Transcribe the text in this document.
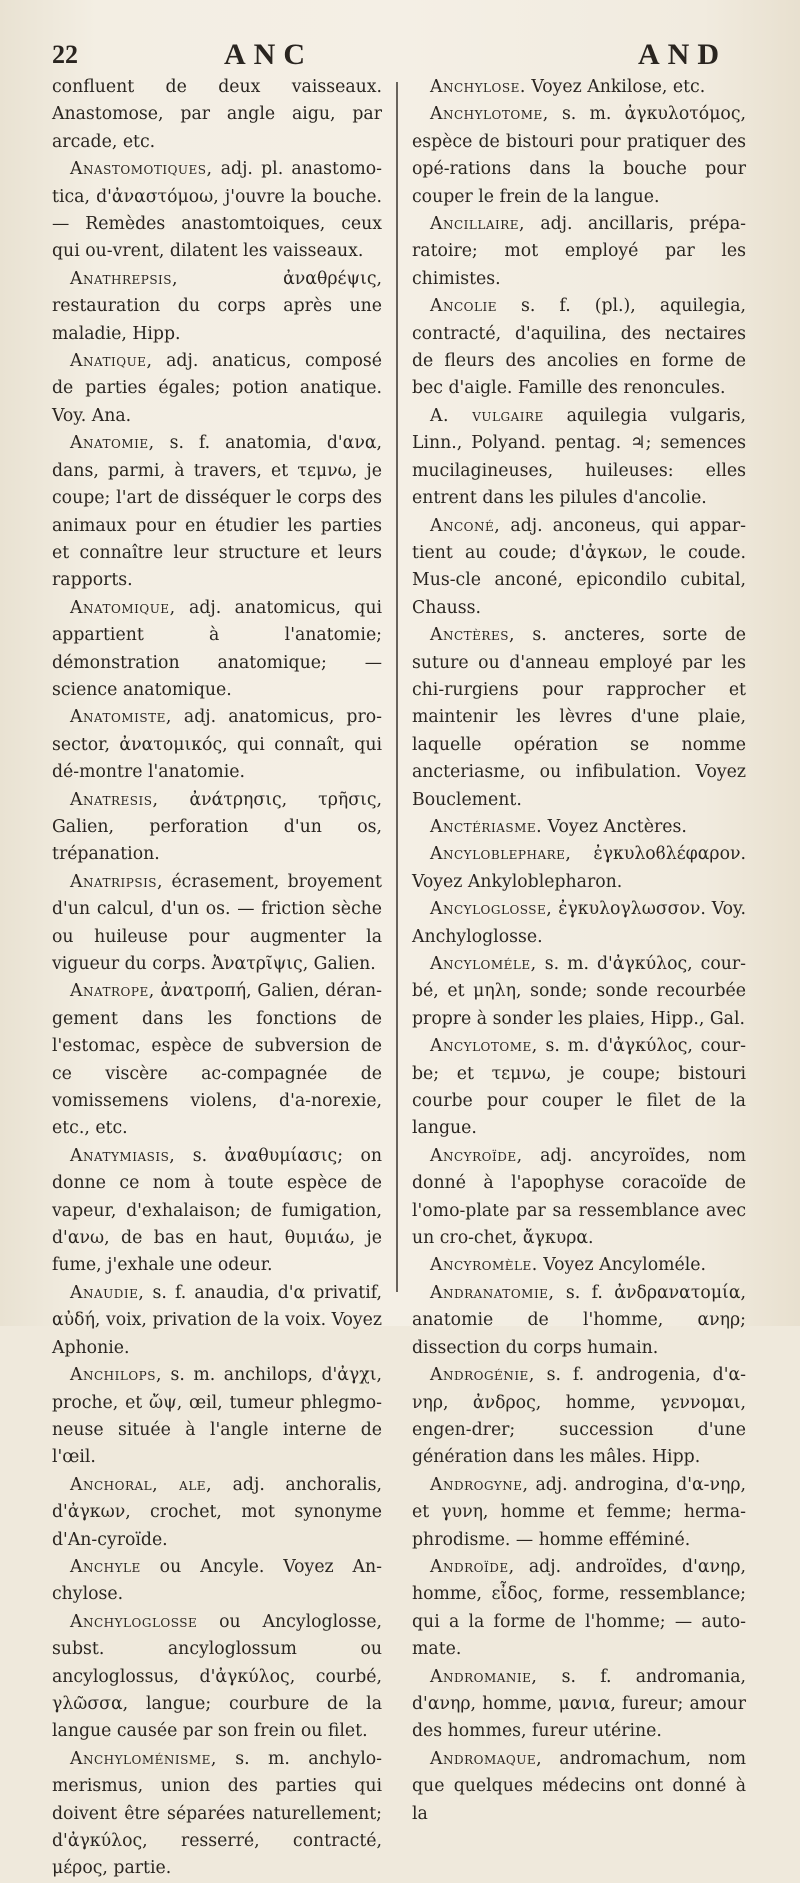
22	ANC	AND

confluent de deux vaisseaux. Anastomose, par angle aigu, par arcade, etc.

Anastomotiques, adj. pl. anastomo-tica, d'ἀναστόμοω, j'ouvre la bouche. — Remèdes anastomtoiques, ceux qui ou-vrent, dilatent les vaisseaux.

Anathrepsis, ἀναθρέψις, restauration du corps après une maladie, Hipp.

Anatique, adj. anaticus, composé de parties égales; potion anatique. Voy. Ana.

Anatomie, s. f. anatomia, d'ανα, dans, parmi, à travers, et τεμνω, je coupe; l'art de disséquer le corps des animaux pour en étudier les parties et connaître leur structure et leurs rapports.

Anatomique, adj. anatomicus, qui appartient à l'anatomie; démonstration anatomique; — science anatomique.

Anatomiste, adj. anatomicus, pro-sector, ἀνατομικός, qui connaît, qui dé-montre l'anatomie.

Anatresis, ἀνάτρησις, τρῆσις, Galien, perforation d'un os, trépanation.

Anatripsis, écrasement, broyement d'un calcul, d'un os. — friction sèche ou huileuse pour augmenter la vigueur du corps. Ἀνατρῖψις, Galien.

Anatrope, ἀνατροπή, Galien, déran-gement dans les fonctions de l'estomac, espèce de subversion de ce viscère ac-compagnée de vomissemens violens, d'a-norexie, etc., etc.

Anatymiasis, s. ἀναθυμίασις; on donne ce nom à toute espèce de vapeur, d'exhalaison; de fumigation, d'ανω, de bas en haut, θυμιάω, je fume, j'exhale une odeur.

Anaudie, s. f. anaudia, d'α privatif, αὐδή, voix, privation de la voix. Voyez Aphonie.

Anchilops, s. m. anchilops, d'ἀγχι, proche, et ὤψ, œil, tumeur phlegmo-neuse située à l'angle interne de l'œil.

Anchoral, ale, adj. anchoralis, d'ἀγκων, crochet, mot synonyme d'An-cyroïde.

Anchyle ou Ancyle. Voyez An-chylose.

Anchyloglosse ou Ancyloglosse, subst. ancyloglossum ou ancyloglossus, d'ἀγκύλος, courbé, γλῶσσα, langue; courbure de la langue causée par son frein ou filet.

Anchyloménisme, s. m. anchylo-merismus, union des parties qui doivent être séparées naturellement; d'ἀγκύλος, resserré, contracté, μέρος, partie.

Anchylose. Voyez Ankilose, etc.

Anchylotome, s. m. ἀγκυλοτόμος, espèce de bistouri pour pratiquer des opé-rations dans la bouche pour couper le frein de la langue.

Ancillaire, adj. ancillaris, prépa-ratoire; mot employé par les chimistes.

Ancolie s. f. (pl.), aquilegia, contracté, d'aquilina, des nectaires de fleurs des ancolies en forme de bec d'aigle. Famille des renoncules.

A. vulgaire aquilegia vulgaris, Linn., Polyand. pentag. ♃; semences mucilagineuses, huileuses: elles entrent dans les pilules d'ancolie.

Anconé, adj. anconeus, qui appar-tient au coude; d'ἀγκων, le coude. Mus-cle anconé, epicondilo cubital, Chauss.

Anctères, s. ancteres, sorte de suture ou d'anneau employé par les chi-rurgiens pour rapprocher et maintenir les lèvres d'une plaie, laquelle opération se nomme ancteriasme, ou infibulation. Voyez Bouclement.

Anctériasme. Voyez Anctères.

Ancyloblephare, ἐγκυλοϐλέφαρον. Voyez Ankyloblepharon.

Ancyloglosse, ἐγκυλογλωσσον. Voy. Anchyloglosse.

Ancyloméle, s. m. d'ἀγκύλος, cour-bé, et μηλη, sonde; sonde recourbée propre à sonder les plaies, Hipp., Gal.

Ancylotome, s. m. d'ἀγκύλος, cour-be; et τεμνω, je coupe; bistouri courbe pour couper le filet de la langue.

Ancyroïde, adj. ancyroïdes, nom donné à l'apophyse coracoïde de l'omo-plate par sa ressemblance avec un cro-chet, ἄγκυρα.

Ancyromèle. Voyez Ancyloméle.

Andranatomie, s. f. ἀνδρανατομία, anatomie de l'homme, ανηρ; dissection du corps humain.

Androgénie, s. f. androgenia, d'α-νηρ, ἀνδρος, homme, γεννομαι, engen-drer; succession d'une génération dans les mâles. Hipp.

Androgyne, adj. androgina, d'α-νηρ, et γυνη, homme et femme; herma-phrodisme. — homme efféminé.

Androïde, adj. androïdes, d'ανηρ, homme, εἶδος, forme, ressemblance; qui a la forme de l'homme; — auto-mate.

Andromanie, s. f. andromania, d'ανηρ, homme, μανια, fureur; amour des hommes, fureur utérine.

Andromaque, andromachum, nom que quelques médecins ont donné à la
